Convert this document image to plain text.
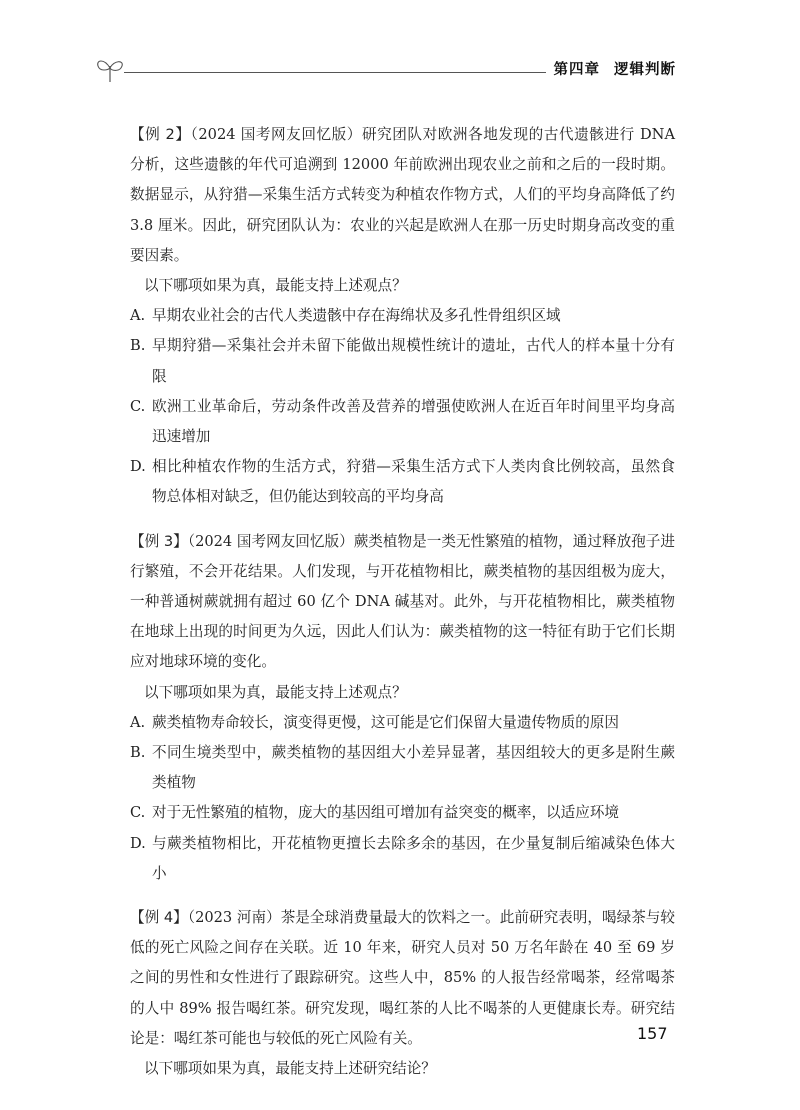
第四章 逻辑判断

【例 2】（2024 国考网友回忆版）研究团队对欧洲各地发现的古代遗骸进行 DNA 分析，这些遗骸的年代可追溯到 12000 年前欧洲出现农业之前和之后的一段时期。数据显示，从狩猎—采集生活方式转变为种植农作物方式，人们的平均身高降低了约 3.8 厘米。因此，研究团队认为：农业的兴起是欧洲人在那一历史时期身高改变的重要因素。

以下哪项如果为真，最能支持上述观点？

A. 早期农业社会的古代人类遗骸中存在海绵状及多孔性骨组织区域
B. 早期狩猎—采集社会并未留下能做出规模性统计的遗址，古代人的样本量十分有限
C. 欧洲工业革命后，劳动条件改善及营养的增强使欧洲人在近百年时间里平均身高迅速增加
D. 相比种植农作物的生活方式，狩猎—采集生活方式下人类肉食比例较高，虽然食物总体相对缺乏，但仍能达到较高的平均身高

【例 3】（2024 国考网友回忆版）蕨类植物是一类无性繁殖的植物，通过释放孢子进行繁殖，不会开花结果。人们发现，与开花植物相比，蕨类植物的基因组极为庞大，一种普通树蕨就拥有超过 60 亿个 DNA 碱基对。此外，与开花植物相比，蕨类植物在地球上出现的时间更为久远，因此人们认为：蕨类植物的这一特征有助于它们长期应对地球环境的变化。

以下哪项如果为真，最能支持上述观点？

A. 蕨类植物寿命较长，演变得更慢，这可能是它们保留大量遗传物质的原因
B. 不同生境类型中，蕨类植物的基因组大小差异显著，基因组较大的更多是附生蕨类植物
C. 对于无性繁殖的植物，庞大的基因组可增加有益突变的概率，以适应环境
D. 与蕨类植物相比，开花植物更擅长去除多余的基因，在少量复制后缩减染色体大小

【例 4】（2023 河南）茶是全球消费量最大的饮料之一。此前研究表明，喝绿茶与较低的死亡风险之间存在关联。近 10 年来，研究人员对 50 万名年龄在 40 至 69 岁之间的男性和女性进行了跟踪研究。这些人中，85% 的人报告经常喝茶，经常喝茶的人中 89% 报告喝红茶。研究发现，喝红茶的人比不喝茶的人更健康长寿。研究结论是：喝红茶可能也与较低的死亡风险有关。

以下哪项如果为真，最能支持上述研究结论？

157
